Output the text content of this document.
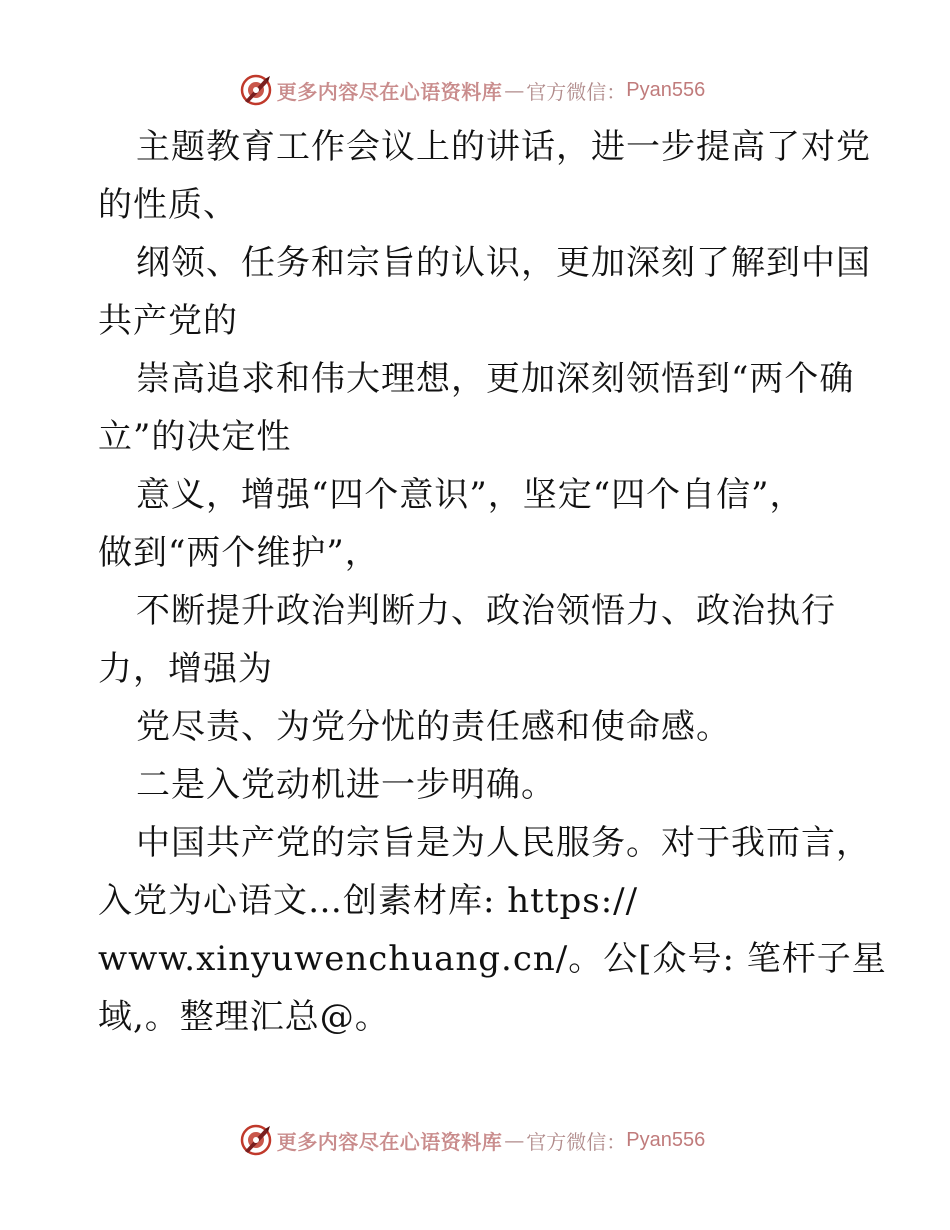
更多内容尽在心语资料库 — 官方微信： Pyan556
主题教育工作会议上的讲话，进一步提高了对党
的性质、
纲领、任务和宗旨的认识，更加深刻了解到中国
共产党的
崇高追求和伟大理想，更加深刻领悟到“两个确
立”的决定性
意义，增强“四个意识”，坚定“四个自信”，
做到“两个维护”，
不断提升政治判断力、政治领悟力、政治执行
力，增强为
党尽责、为党分忧的责任感和使命感。
二是入党动机进一步明确。
中国共产党的宗旨是为人民服务。对于我而言，
入党为心语文…创素材库: https://
www.xinyuwenchuang.cn/。公[众号: 笔杆子星
域,。整理汇总@。
更多内容尽在心语资料库 — 官方微信： Pyan556
